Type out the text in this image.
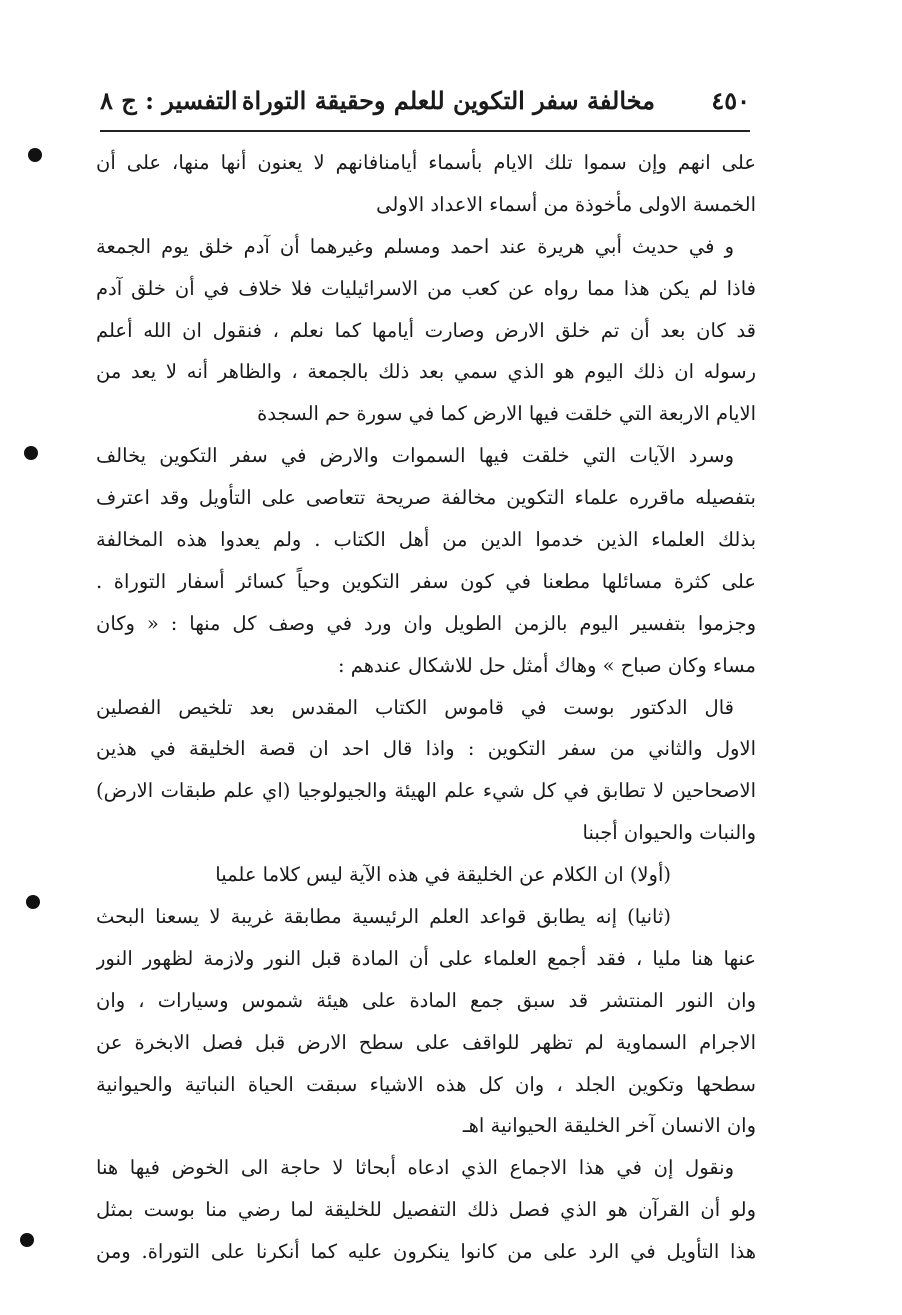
٤٥٠
مخالفة سفر التكوين للعلم وحقيقة التوراة
التفسير : ج ٨
على انهم وإن سموا تلك الايام بأسماء أيامنافانهم لا يعنون أنها منها، على أن
الخمسة الاولى مأخوذة من أسماء الاعداد الاولى
و في حديث أبي هريرة عند احمد ومسلم وغيرهما أن آدم خلق يوم الجمعة
فاذا لم يكن هذا مما رواه عن كعب من الاسرائيليات فلا خلاف في أن خلق آدم
قد كان بعد أن تم خلق الارض وصارت أيامها كما نعلم ، فنقول ان الله أعلم
رسوله ان ذلك اليوم هو الذي سمي بعد ذلك بالجمعة ، والظاهر أنه لا يعد من
الايام الاربعة التي خلقت فيها الارض كما في سورة حم السجدة
وسرد الآيات التي خلقت فيها السموات والارض في سفر التكوين يخالف
بتفصيله ماقرره علماء التكوين مخالفة صريحة تتعاصى على التأويل وقد اعترف
بذلك العلماء الذين خدموا الدين من أهل الكتاب . ولم يعدوا هذه المخالفة
على كثرة مسائلها مطعنا في كون سفر التكوين وحياً كسائر أسفار التوراة .
وجزموا بتفسير اليوم بالزمن الطويل وان ورد في وصف كل منها : « وكان
مساء وكان صباح » وهاك أمثل حل للاشكال عندهم :
قال الدكتور بوست في قاموس الكتاب المقدس بعد تلخيص الفصلين
الاول والثاني من سفر التكوين : واذا قال احد ان قصة الخليقة في هذين
الاصحاحين لا تطابق في كل شيء علم الهيئة والجيولوجيا (اي علم طبقات الارض)
والنبات والحيوان أجبنا
(أولا) ان الكلام عن الخليقة في هذه الآية ليس كلاما علميا
(ثانيا) إنه يطابق قواعد العلم الرئيسية مطابقة غريبة لا يسعنا البحث
عنها هنا مليا ، فقد أجمع العلماء على أن المادة قبل النور ولازمة لظهور النور
وان النور المنتشر قد سبق جمع المادة على هيئة شموس وسيارات ، وان
الاجرام السماوية لم تظهر للواقف على سطح الارض قبل فصل الابخرة عن
سطحها وتكوين الجلد ، وان كل هذه الاشياء سبقت الحياة النباتية والحيوانية
وان الانسان آخر الخليقة الحيوانية اهـ
ونقول إن في هذا الاجماع الذي ادعاه أبحاثا لا حاجة الى الخوض فيها هنا
ولو أن القرآن هو الذي فصل ذلك التفصيل للخليقة لما رضي منا بوست بمثل
هذا التأويل في الرد على من كانوا ينكرون عليه كما أنكرنا على التوراة. ومن
